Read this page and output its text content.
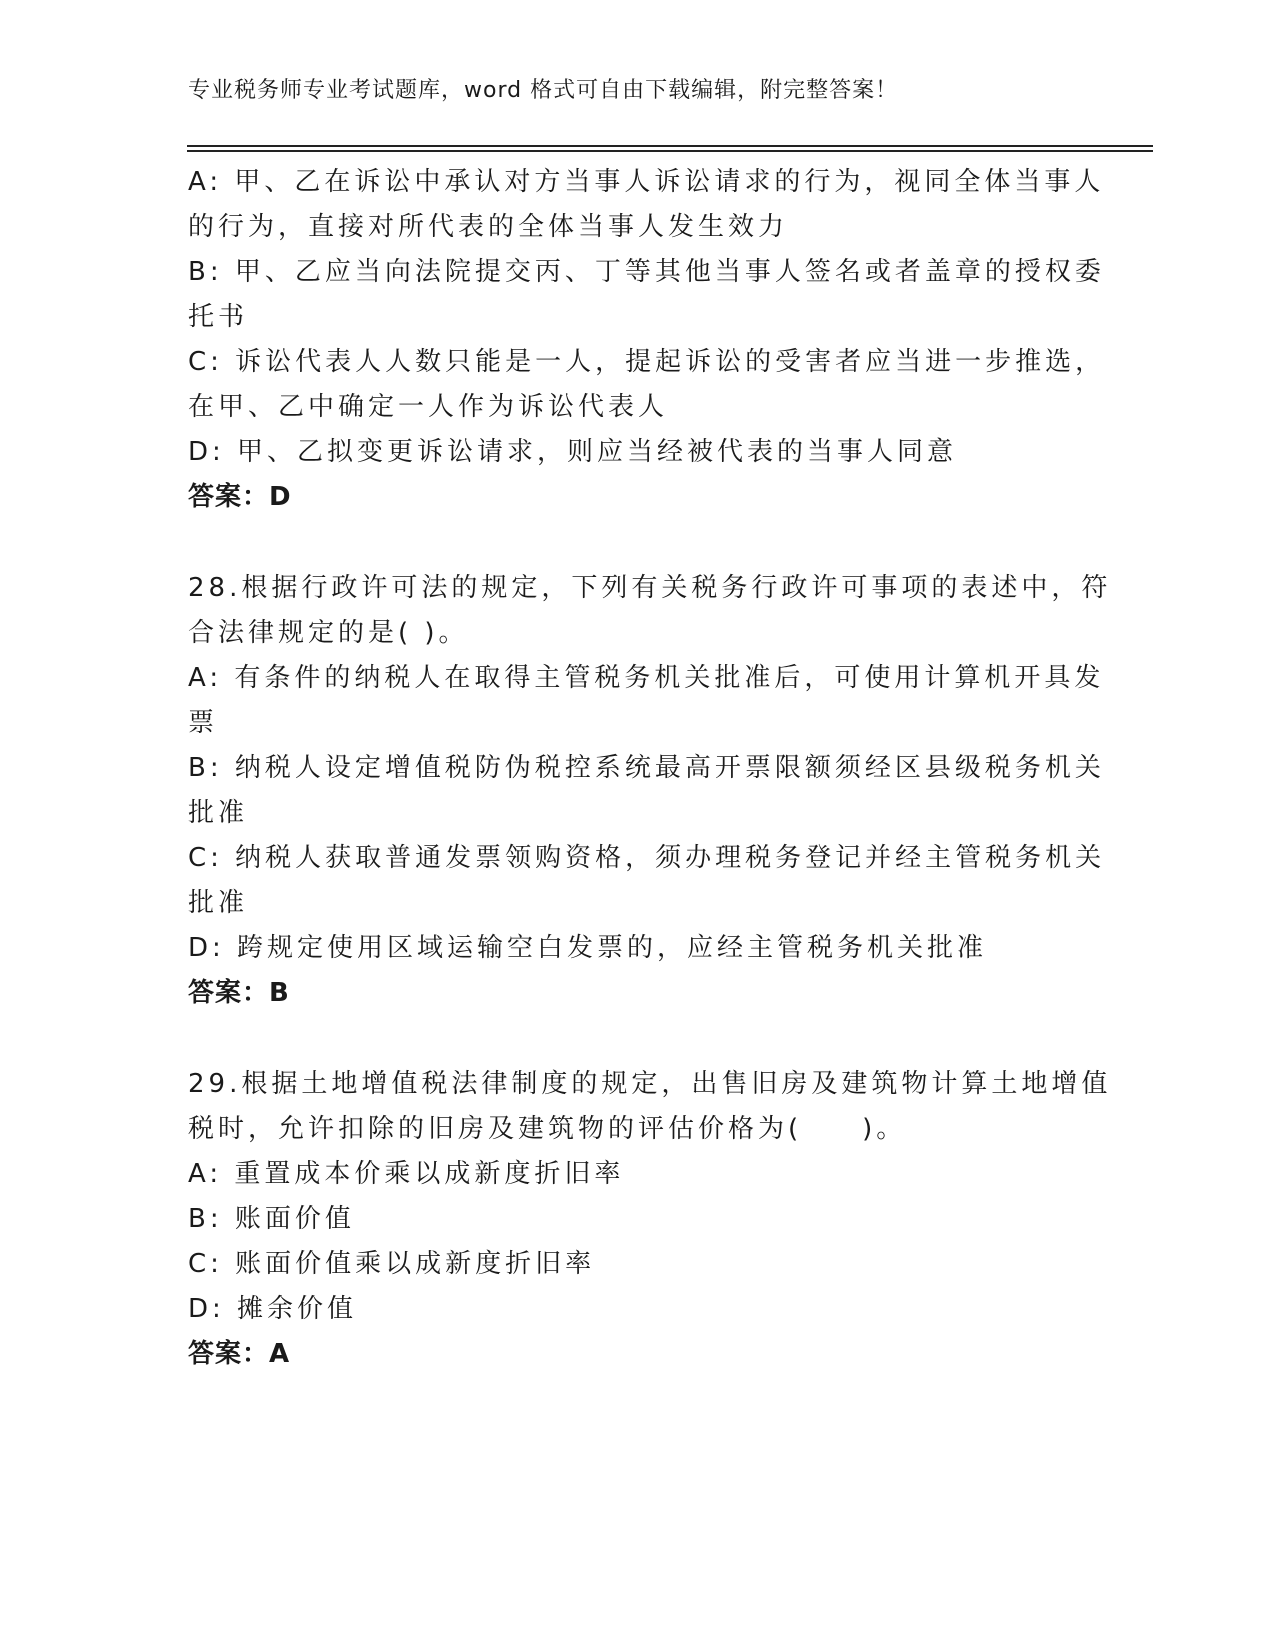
专业税务师专业考试题库，word 格式可自由下载编辑，附完整答案！
A: 甲、乙在诉讼中承认对方当事人诉讼请求的行为，视同全体当事人
的行为，直接对所代表的全体当事人发生效力
B: 甲、乙应当向法院提交丙、丁等其他当事人签名或者盖章的授权委
托书
C: 诉讼代表人人数只能是一人，提起诉讼的受害者应当进一步推选，
在甲、乙中确定一人作为诉讼代表人
D: 甲、乙拟变更诉讼请求，则应当经被代表的当事人同意
答案：D
28.根据行政许可法的规定，下列有关税务行政许可事项的表述中，符
合法律规定的是( )。
A: 有条件的纳税人在取得主管税务机关批准后，可使用计算机开具发
票
B: 纳税人设定增值税防伪税控系统最高开票限额须经区县级税务机关
批准
C: 纳税人获取普通发票领购资格，须办理税务登记并经主管税务机关
批准
D: 跨规定使用区域运输空白发票的，应经主管税务机关批准
答案：B
29.根据土地增值税法律制度的规定，出售旧房及建筑物计算土地增值
税时，允许扣除的旧房及建筑物的评估价格为(　　)。
A: 重置成本价乘以成新度折旧率
B: 账面价值
C: 账面价值乘以成新度折旧率
D: 摊余价值
答案：A
